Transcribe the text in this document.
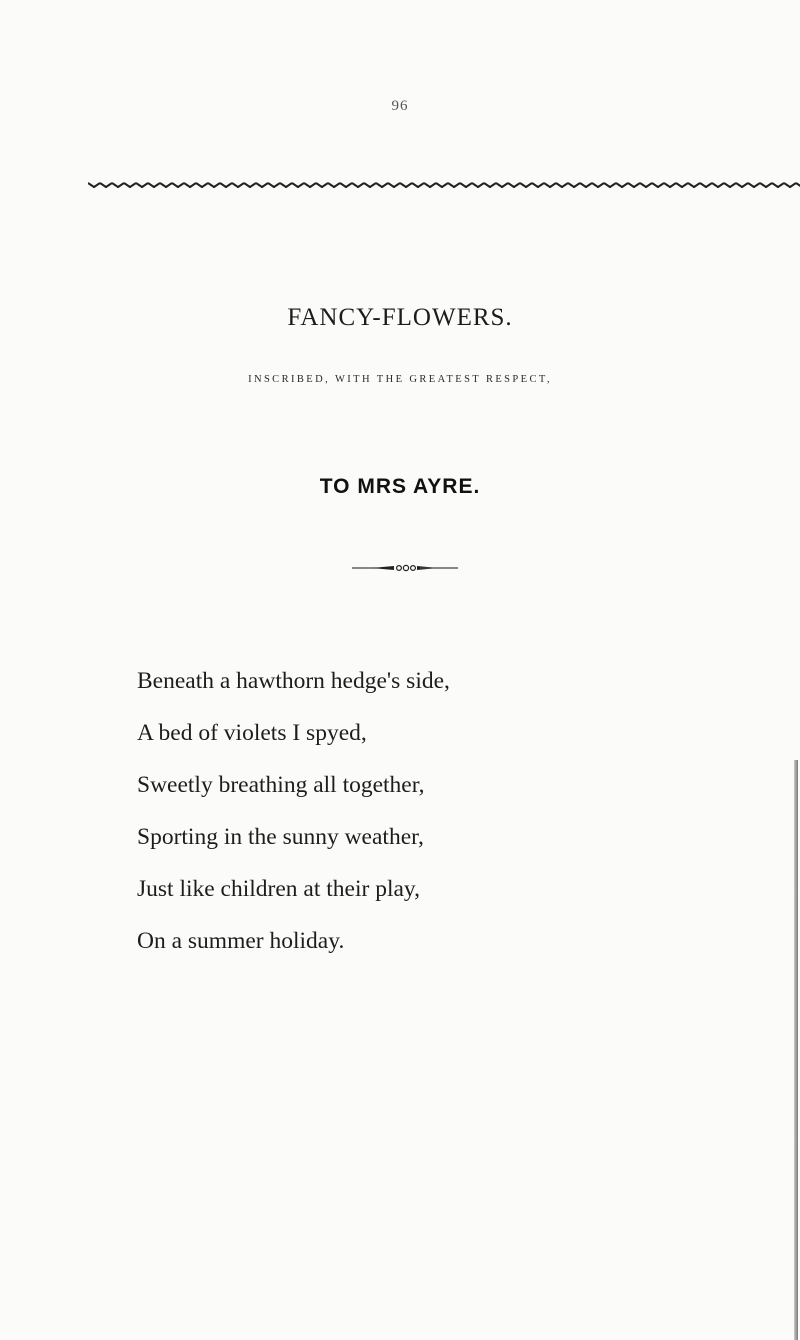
96
FANCY-FLOWERS.
INSCRIBED, WITH THE GREATEST RESPECT,
TO MRS AYRE.
Beneath a hawthorn hedge's side,
A bed of violets I spyed,
Sweetly breathing all together,
Sporting in the sunny weather,
Just like children at their play,
On a summer holiday.
